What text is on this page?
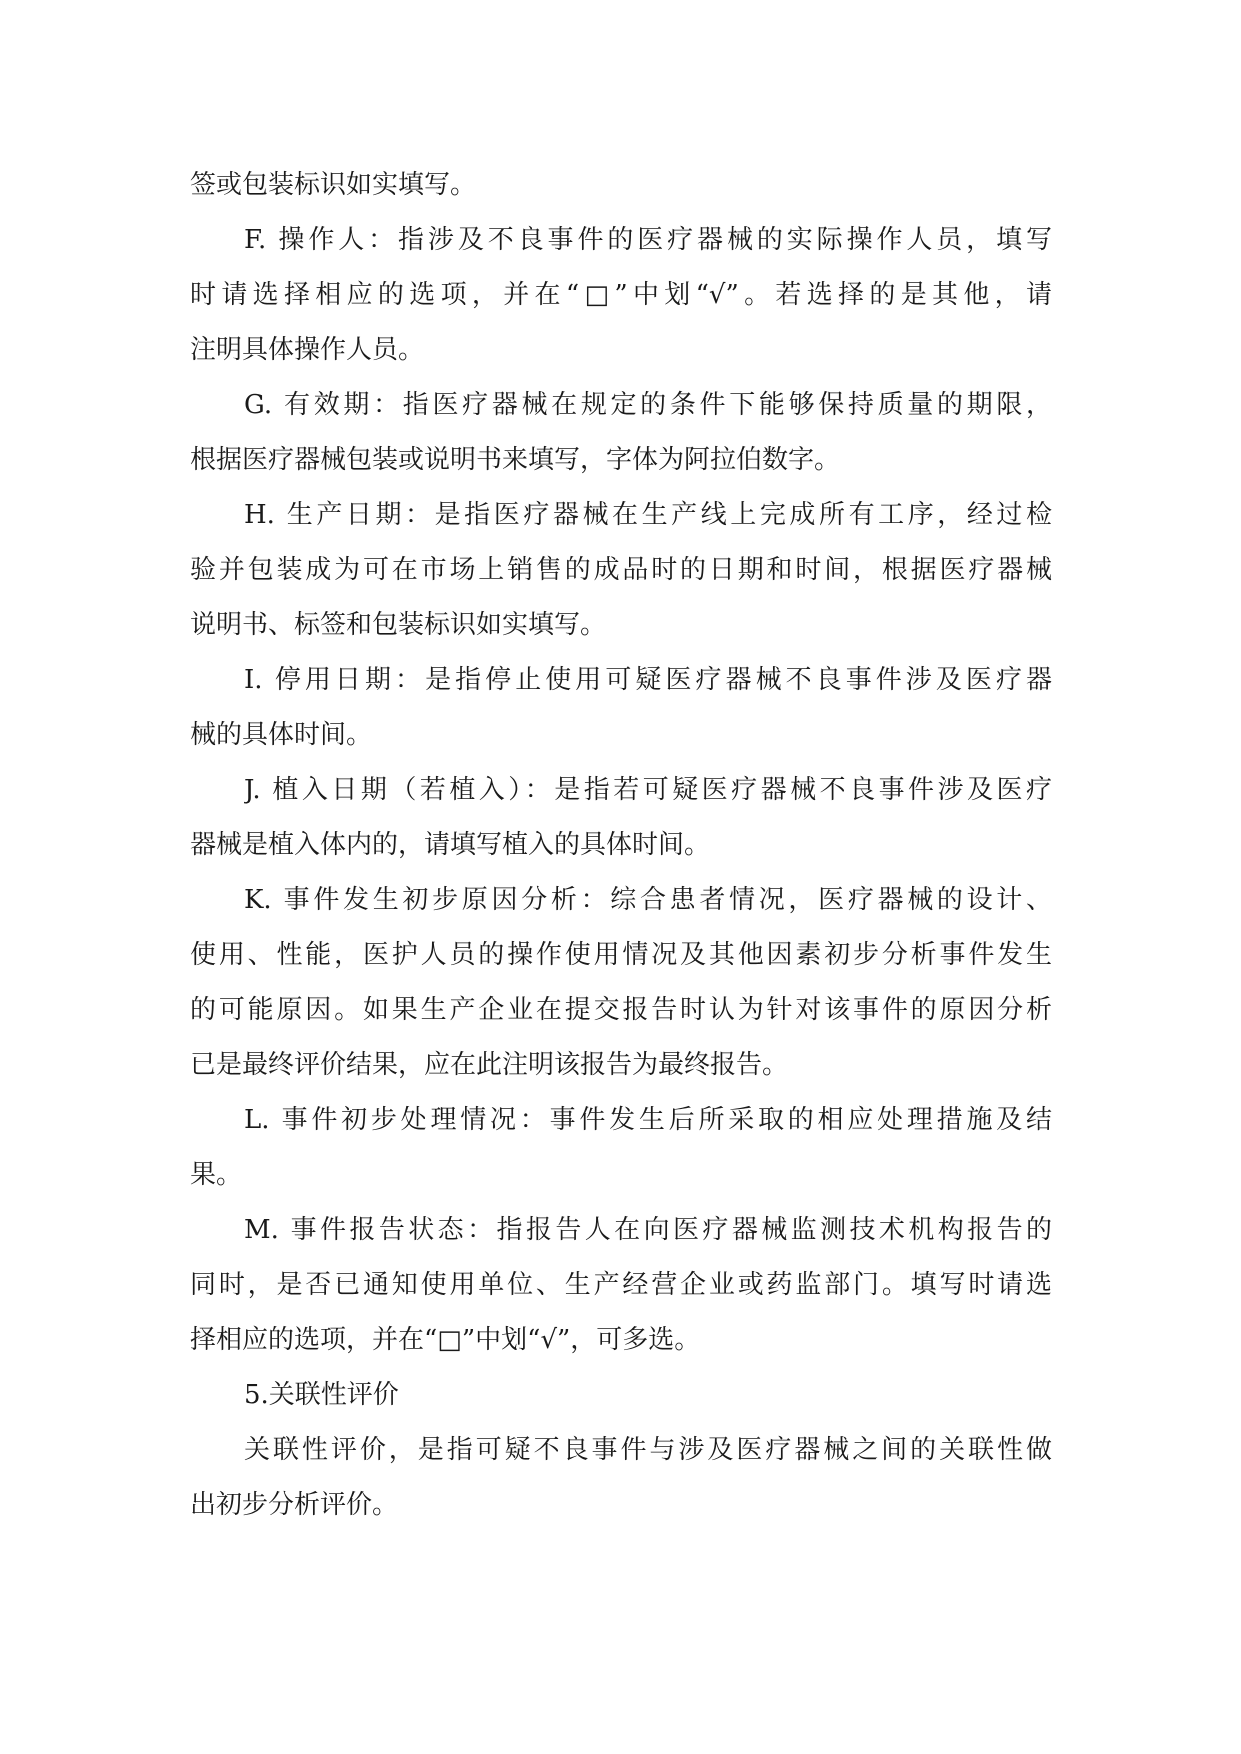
签或包装标识如实填写。
F. 操作人：指涉及不良事件的医疗器械的实际操作人员，填写
时请选择相应的选项，并在“□”中划“√”。若选择的是其他，请
注明具体操作人员。
G. 有效期：指医疗器械在规定的条件下能够保持质量的期限，
根据医疗器械包装或说明书来填写，字体为阿拉伯数字。
H. 生产日期：是指医疗器械在生产线上完成所有工序，经过检
验并包装成为可在市场上销售的成品时的日期和时间，根据医疗器械
说明书、标签和包装标识如实填写。
I. 停用日期：是指停止使用可疑医疗器械不良事件涉及医疗器
械的具体时间。
J. 植入日期（若植入）：是指若可疑医疗器械不良事件涉及医疗
器械是植入体内的，请填写植入的具体时间。
K. 事件发生初步原因分析：综合患者情况，医疗器械的设计、
使用、性能，医护人员的操作使用情况及其他因素初步分析事件发生
的可能原因。如果生产企业在提交报告时认为针对该事件的原因分析
已是最终评价结果，应在此注明该报告为最终报告。
L. 事件初步处理情况：事件发生后所采取的相应处理措施及结
果。
M. 事件报告状态：指报告人在向医疗器械监测技术机构报告的
同时，是否已通知使用单位、生产经营企业或药监部门。填写时请选
择相应的选项，并在“□”中划“√”，可多选。
5.关联性评价
关联性评价，是指可疑不良事件与涉及医疗器械之间的关联性做
出初步分析评价。
